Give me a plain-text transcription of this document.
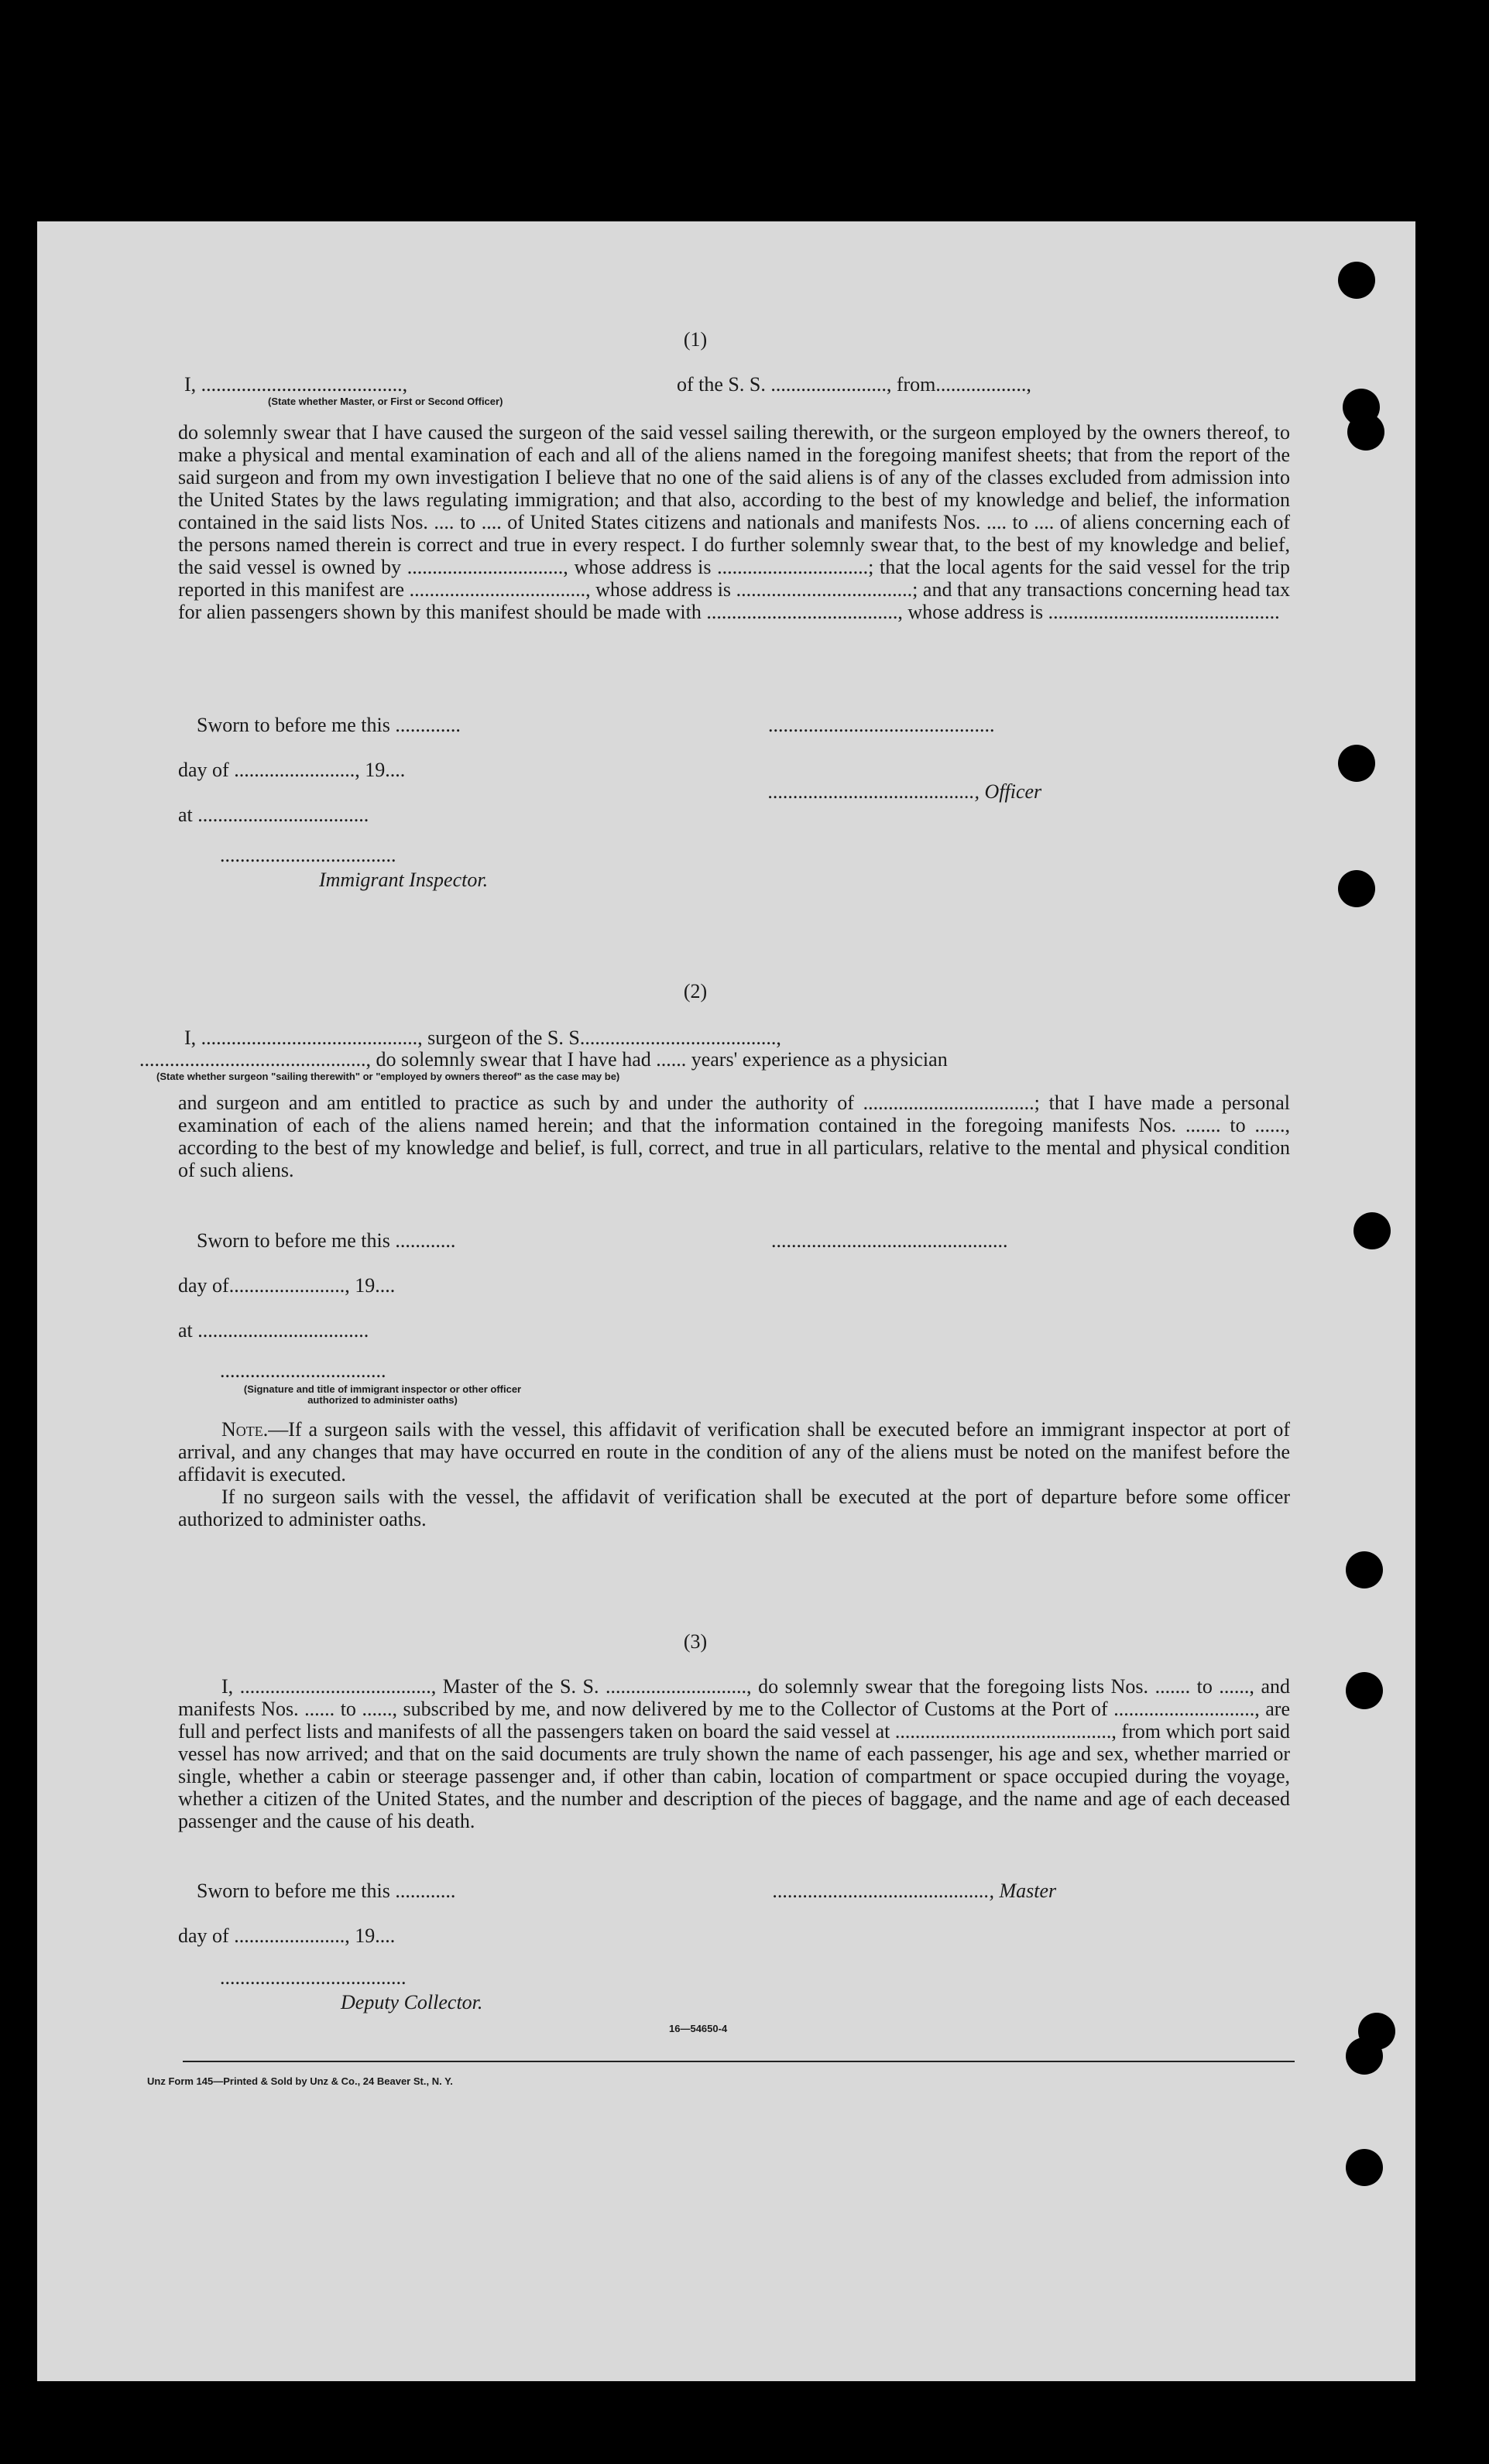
(1)
I, ........................................,	of the S. S. ......................., from..................,
(State whether Master, or First or Second Officer)
do solemnly swear that I have caused the surgeon of the said vessel sailing therewith, or the surgeon employed by the owners thereof, to make a physical and mental examination of each and all of the aliens named in the foregoing manifest sheets; that from the report of the said surgeon and from my own investigation I believe that no one of the said aliens is of any of the classes excluded from admission into the United States by the laws regulating immigration; and that also, according to the best of my knowledge and belief, the information contained in the said lists Nos. .... to .... of United States citizens and nationals and manifests Nos. .... to .... of aliens concerning each of the persons named therein is correct and true in every respect. I do further solemnly swear that, to the best of my knowledge and belief, the said vessel is owned by ..............................., whose address is ..............................; that the local agents for the said vessel for the trip reported in this manifest are ..................................., whose address is ...................................; and that any transactions concerning head tax for alien passengers shown by this manifest should be made with ......................................, whose address is ..............................................
Sworn to before me this .............	.............................................
day of ........................, 19....
........................................., Officer
at ..................................
...................................
Immigrant Inspector.
(2)
I, ..........................................., surgeon of the S. S.......................................,
............................................., do solemnly swear that I have had ...... years' experience as a physician
(State whether surgeon "sailing therewith" or "employed by owners thereof" as the case may be)
and surgeon and am entitled to practice as such by and under the authority of ..................................; that I have made a personal examination of each of the aliens named herein; and that the information contained in the foregoing manifests Nos. ....... to ......, according to the best of my knowledge and belief, is full, correct, and true in all particulars, relative to the mental and physical condition of such aliens.
Sworn to before me this ............	...............................................
day of......................., 19....
at ..................................
.................................
(Signature and title of immigrant inspector or other officer authorized to administer oaths)

Note.—If a surgeon sails with the vessel, this affidavit of verification shall be executed before an immigrant inspector at port of arrival, and any changes that may have occurred en route in the condition of any of the aliens must be noted on the manifest before the affidavit is executed.

If no surgeon sails with the vessel, the affidavit of verification shall be executed at the port of departure before some officer authorized to administer oaths.

(3)

I, ......................................, Master of the S. S. ............................, do solemnly swear that the foregoing lists Nos. ....... to ......, and manifests Nos. ...... to ......, subscribed by me, and now delivered by me to the Collector of Customs at the Port of ............................, are full and perfect lists and manifests of all the passengers taken on board the said vessel at ..........................................., from which port said vessel has now arrived; and that on the said documents are truly shown the name of each passenger, his age and sex, whether married or single, whether a cabin or steerage passenger and, if other than cabin, location of compartment or space occupied during the voyage, whether a citizen of the United States, and the number and description of the pieces of baggage, and the name and age of each deceased passenger and the cause of his death.

Sworn to before me this ............	..........................................., Master
day of ......................, 19....
.....................................
Deputy Collector.
16—54650-4
Unz Form 145—Printed & Sold by Unz & Co., 24 Beaver St., N. Y.
